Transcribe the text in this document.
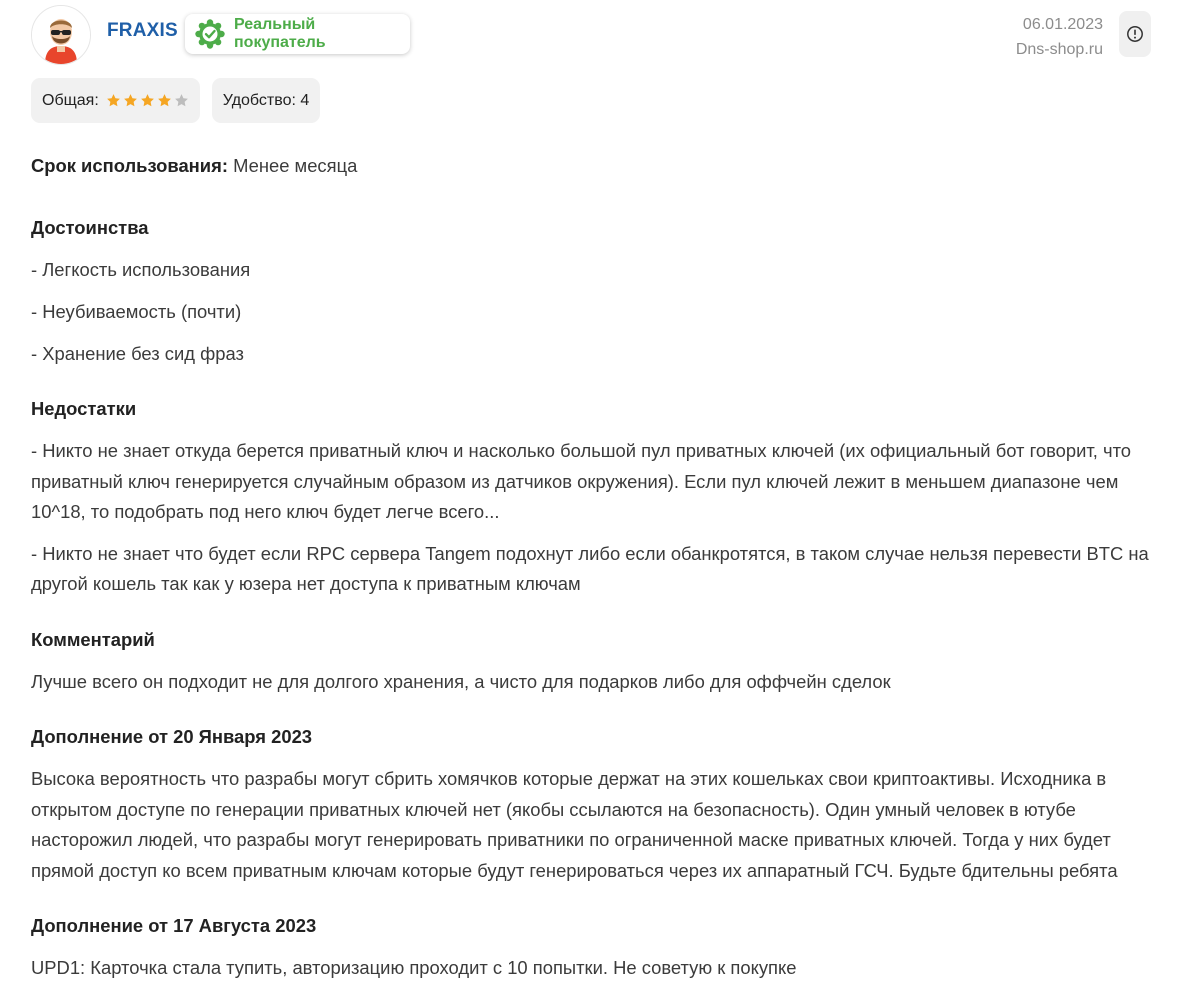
FRAXIS	Реальный покупатель
06.01.2023
Dns-shop.ru
Общая:	Удобство: 4
Срок использования: Менее месяца
Достоинства
- Легкость использования
- Неубиваемость (почти)
- Хранение без сид фраз
Недостатки
- Никто не знает откуда берется приватный ключ и насколько большой пул приватных ключей (их официальный бот говорит, что приватный ключ генерируется случайным образом из датчиков окружения). Если пул ключей лежит в меньшем диапазоне чем 10^18, то подобрать под него ключ будет легче всего...
- Никто не знает что будет если RPC сервера Tangem подохнут либо если обанкротятся, в таком случае нельзя перевести BTC на другой кошель так как у юзера нет доступа к приватным ключам
Комментарий
Лучше всего он подходит не для долгого хранения, а чисто для подарков либо для оффчейн сделок
Дополнение от 20 Января 2023
Высока вероятность что разрабы могут сбрить хомячков которые держат на этих кошельках свои криптоактивы. Исходника в открытом доступе по генерации приватных ключей нет (якобы ссылаются на безопасность). Один умный человек в ютубе насторожил людей, что разрабы могут генерировать приватники по ограниченной маске приватных ключей. Тогда у них будет прямой доступ ко всем приватным ключам которые будут генерироваться через их аппаратный ГСЧ. Будьте бдительны ребята
Дополнение от 17 Августа 2023
UPD1: Карточка стала тупить, авторизацию проходит с 10 попытки. Не советую к покупке
